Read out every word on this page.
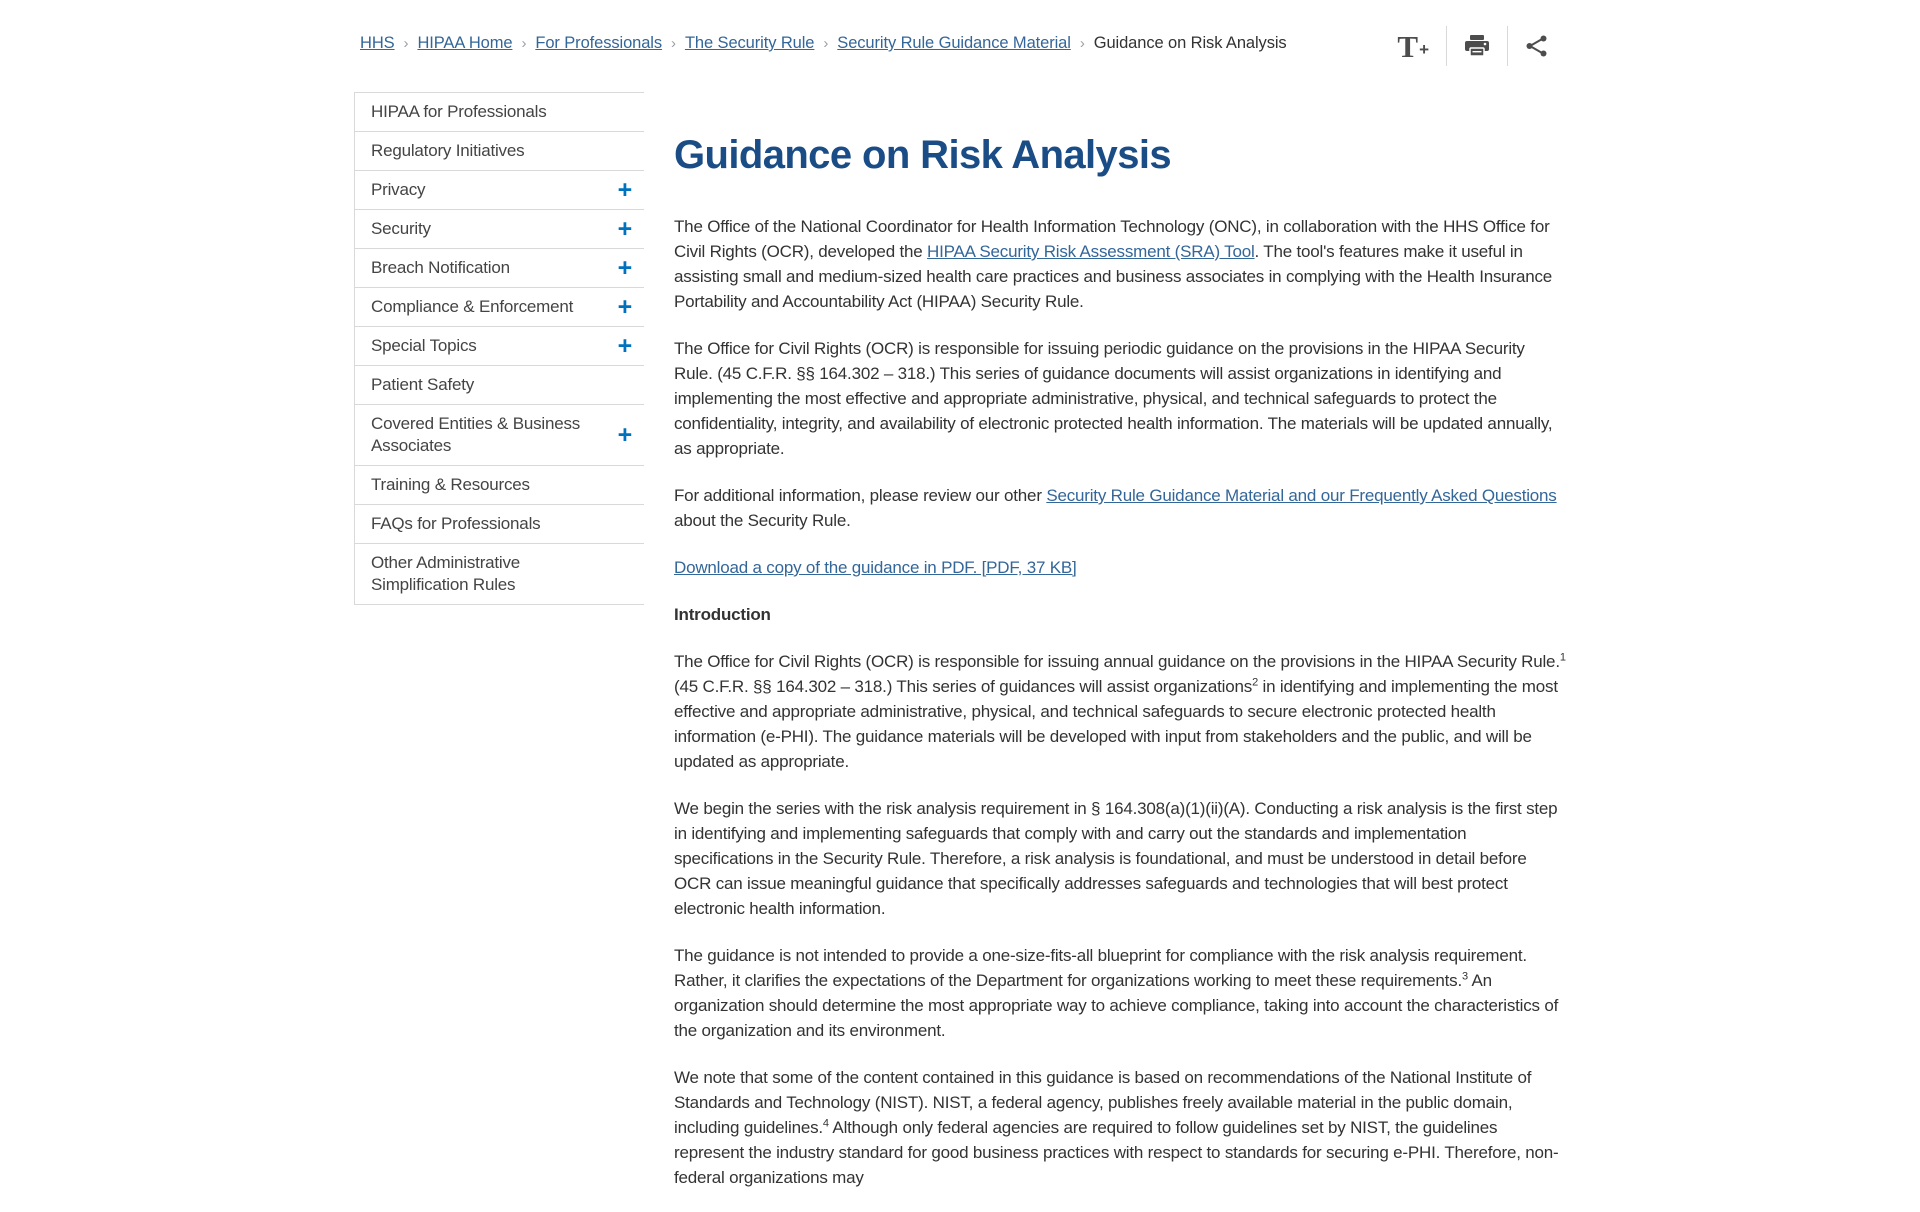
HHS › HIPAA Home › For Professionals › The Security Rule › Security Rule Guidance Material › Guidance on Risk Analysis	T +
HIPAA for Professionals
Regulatory Initiatives
Privacy	+
Security	+
Breach Notification	+
Compliance & Enforcement +
Special Topics	+
Patient Safety
Covered Entities & Business Associates	+
Training & Resources
FAQs for Professionals
Other Administrative Simplification Rules
Guidance on Risk Analysis

The Office of the National Coordinator for Health Information Technology (ONC), in collaboration with the HHS Office for Civil Rights (OCR), developed the HIPAA Security Risk Assessment (SRA) Tool. The tool's features make it useful in assisting small and medium-sized health care practices and business associates in complying with the Health Insurance Portability and Accountability Act (HIPAA) Security Rule.

The Office for Civil Rights (OCR) is responsible for issuing periodic guidance on the provisions in the HIPAA Security Rule. (45 C.F.R. §§ 164.302 – 318.) This series of guidance documents will assist organizations in identifying and implementing the most effective and appropriate administrative, physical, and technical safeguards to protect the confidentiality, integrity, and availability of electronic protected health information. The materials will be updated annually, as appropriate.

For additional information, please review our other Security Rule Guidance Material and our Frequently Asked Questions about the Security Rule.

Download a copy of the guidance in PDF. [PDF, 37 KB]

Introduction

The Office for Civil Rights (OCR) is responsible for issuing annual guidance on the provisions in the HIPAA Security Rule.$^1$ (45 C.F.R. §§ 164.302 – 318.) This series of guidances will assist organizations$^2$ in identifying and implementing the most effective and appropriate administrative, physical, and technical safeguards to secure electronic protected health information (e-PHI). The guidance materials will be developed with input from stakeholders and the public, and will be updated as appropriate.

We begin the series with the risk analysis requirement in § 164.308(a)(1)(ii)(A). Conducting a risk analysis is the first step in identifying and implementing safeguards that comply with and carry out the standards and implementation specifications in the Security Rule. Therefore, a risk analysis is foundational, and must be understood in detail before OCR can issue meaningful guidance that specifically addresses safeguards and technologies that will best protect electronic health information.

The guidance is not intended to provide a one-size-fits-all blueprint for compliance with the risk analysis requirement. Rather, it clarifies the expectations of the Department for organizations working to meet these requirements.$^3$ An organization should determine the most appropriate way to achieve compliance, taking into account the characteristics of the organization and its environment.

We note that some of the content contained in this guidance is based on recommendations of the National Institute of Standards and Technology (NIST). NIST, a federal agency, publishes freely available material in the public domain, including guidelines.$^4$ Although only federal agencies are required to follow guidelines set by NIST, the guidelines represent the industry standard for good business practices with respect to standards for securing e-PHI. Therefore, non-federal organizations may
